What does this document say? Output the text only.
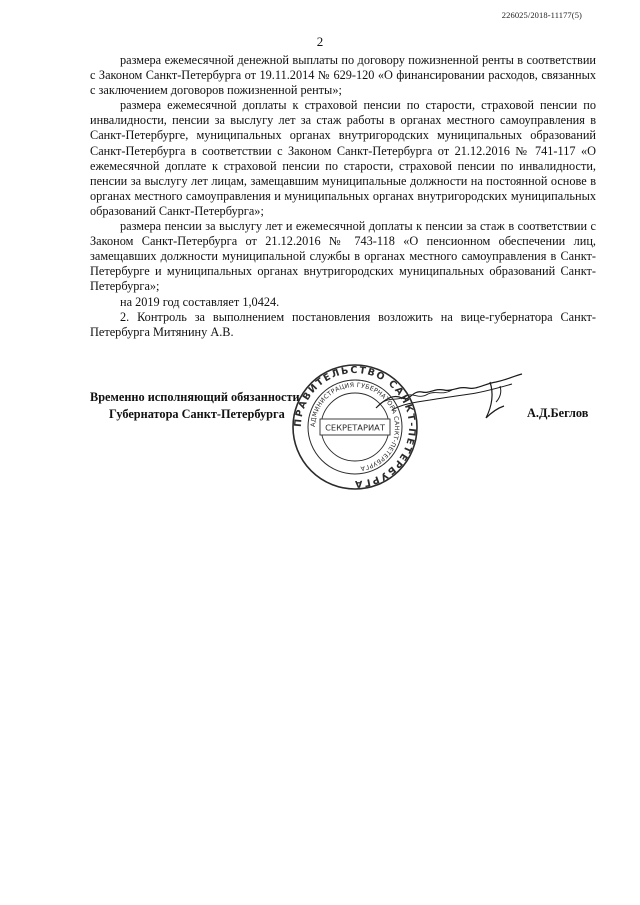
226025/2018-11177(5)
2

размера ежемесячной денежной выплаты по договору пожизненной ренты в соответствии с Законом Санкт-Петербурга от 19.11.2014 № 629-120 «О финансировании расходов, связанных с заключением договоров пожизненной ренты»;

размера ежемесячной доплаты к страховой пенсии по старости, страховой пенсии по инвалидности, пенсии за выслугу лет за стаж работы в органах местного самоуправления в Санкт-Петербурге, муниципальных органах внутригородских муниципальных образований Санкт-Петербурга в соответствии с Законом Санкт-Петербурга от 21.12.2016 № 741-117 «О ежемесячной доплате к страховой пенсии по старости, страховой пенсии по инвалидности, пенсии за выслугу лет лицам, замещавшим муниципальные должности на постоянной основе в органах местного самоуправления и муниципальных органах внутригородских муниципальных образований Санкт-Петербурга»;

размера пенсии за выслугу лет и ежемесячной доплаты к пенсии за стаж в соответствии с Законом Санкт-Петербурга от 21.12.2016 № 743-118 «О пенсионном обеспечении лиц, замещавших должности муниципальной службы в органах местного самоуправления в Санкт-Петербурге и муниципальных органах внутригородских муниципальных образований Санкт-Петербурга»;

на 2019 год составляет 1,0424.

2. Контроль за выполнением постановления возложить на вице-губернатора Санкт-Петербурга Митянину А.В.

Временно исполняющий обязанности
Губернатора Санкт-Петербурга
ПРАВИТЕЛЬСТВО САНКТ-ПЕТЕРБУРГА
АДМИНИСТРАЦИЯ ГУБЕРНАТОРА САНКТ-ПЕТЕРБУРГА
СЕКРЕТАРИАТ
А.Д.Беглов
